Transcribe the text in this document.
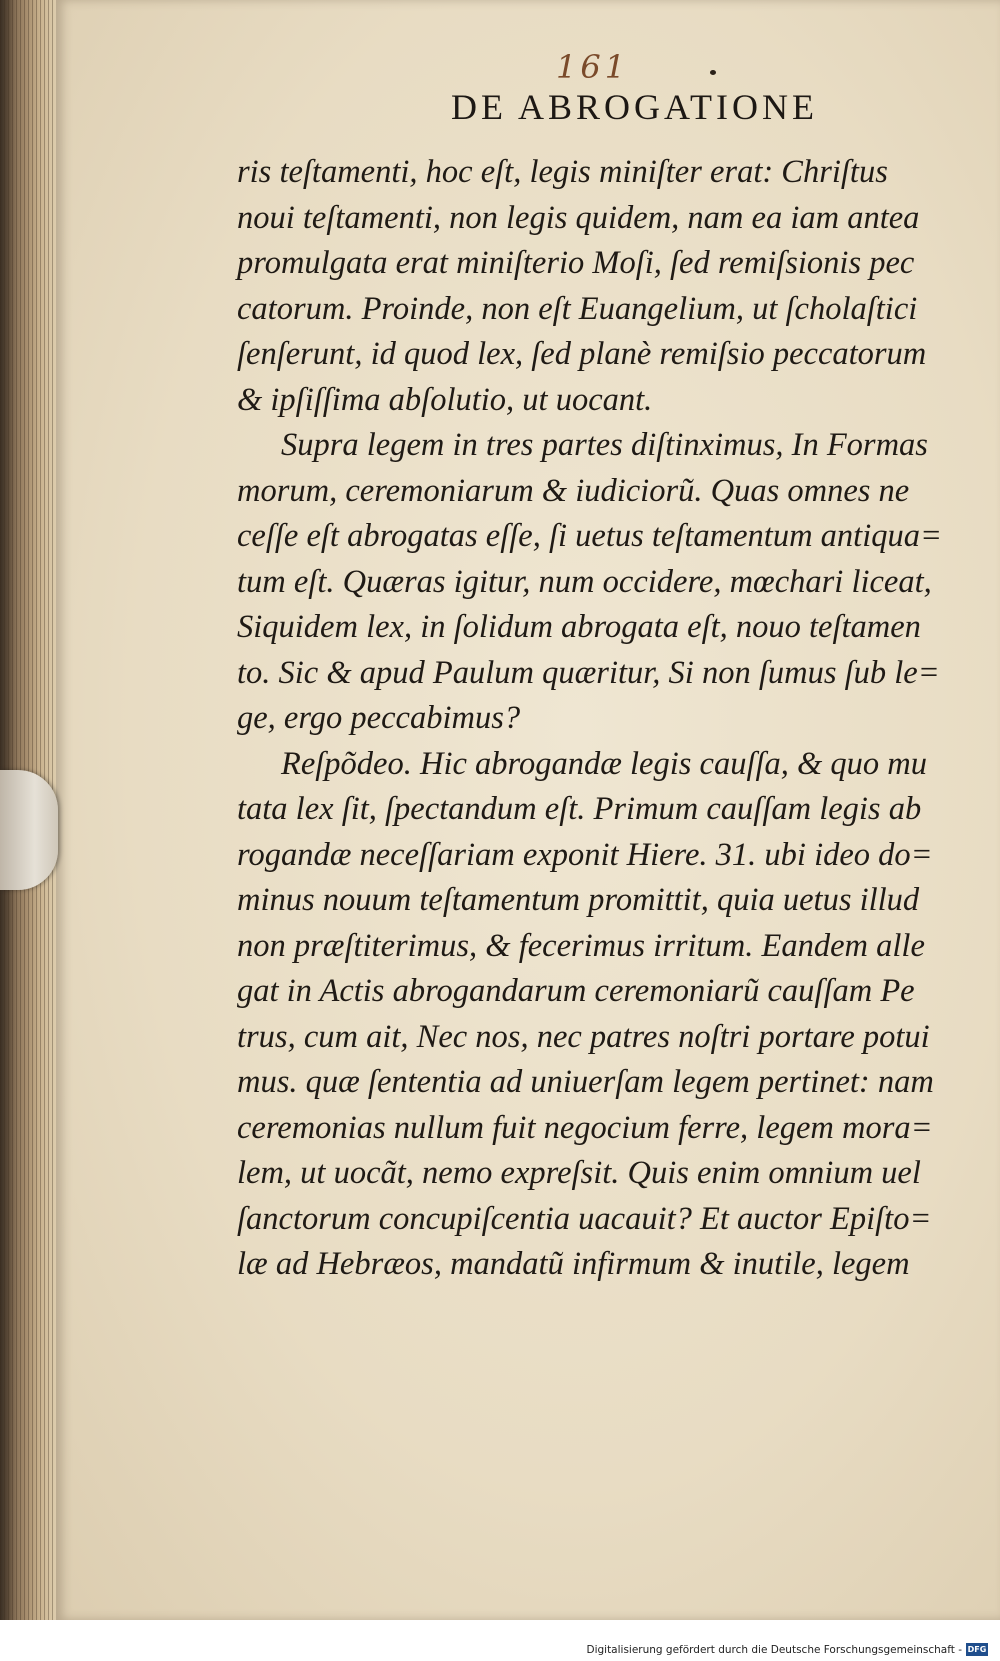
161
DE ABROGATIONE
ris teſtamenti, hoc eſt, legis miniſter erat: Chriſtus
noui teſtamenti, non legis quidem, nam ea iam antea
promulgata erat miniſterio Moſi, ſed remiſsionis pec
catorum. Proinde, non eſt Euangelium, ut ſcholaſtici
ſenſerunt, id quod lex, ſed planè remiſsio peccatorum
& ipſiſſima abſolutio, ut uocant.
Supra legem in tres partes diſtinximus, In Formas
morum, ceremoniarum & iudiciorũ. Quas omnes ne
ceſſe eſt abrogatas eſſe, ſi uetus teſtamentum antiqua=
tum eſt. Quæras igitur, num occidere, mœchari liceat,
Siquidem lex, in ſolidum abrogata eſt, nouo teſtamen
to. Sic & apud Paulum quæritur, Si non ſumus ſub le=
ge, ergo peccabimus?
Reſpõdeo. Hic abrogandæ legis cauſſa, & quo mu
tata lex ſit, ſpectandum eſt. Primum cauſſam legis ab
rogandæ neceſſariam exponit Hiere. 31. ubi ideo do=
minus nouum teſtamentum promittit, quia uetus illud
non præſtiterimus, & fecerimus irritum. Eandem alle
gat in Actis abrogandarum ceremoniarũ cauſſam Pe
trus, cum ait, Nec nos, nec patres noſtri portare potui
mus. quæ ſententia ad uniuerſam legem pertinet: nam
ceremonias nullum fuit negocium ferre, legem mora=
lem, ut uocãt, nemo expreſsit. Quis enim omnium uel
ſanctorum concupiſcentia uacauit? Et auctor Epiſto=
læ ad Hebræos, mandatũ infirmum & inutile, legem
Digitalisierung gefördert durch die Deutsche Forschungsgemeinschaft - DFG
